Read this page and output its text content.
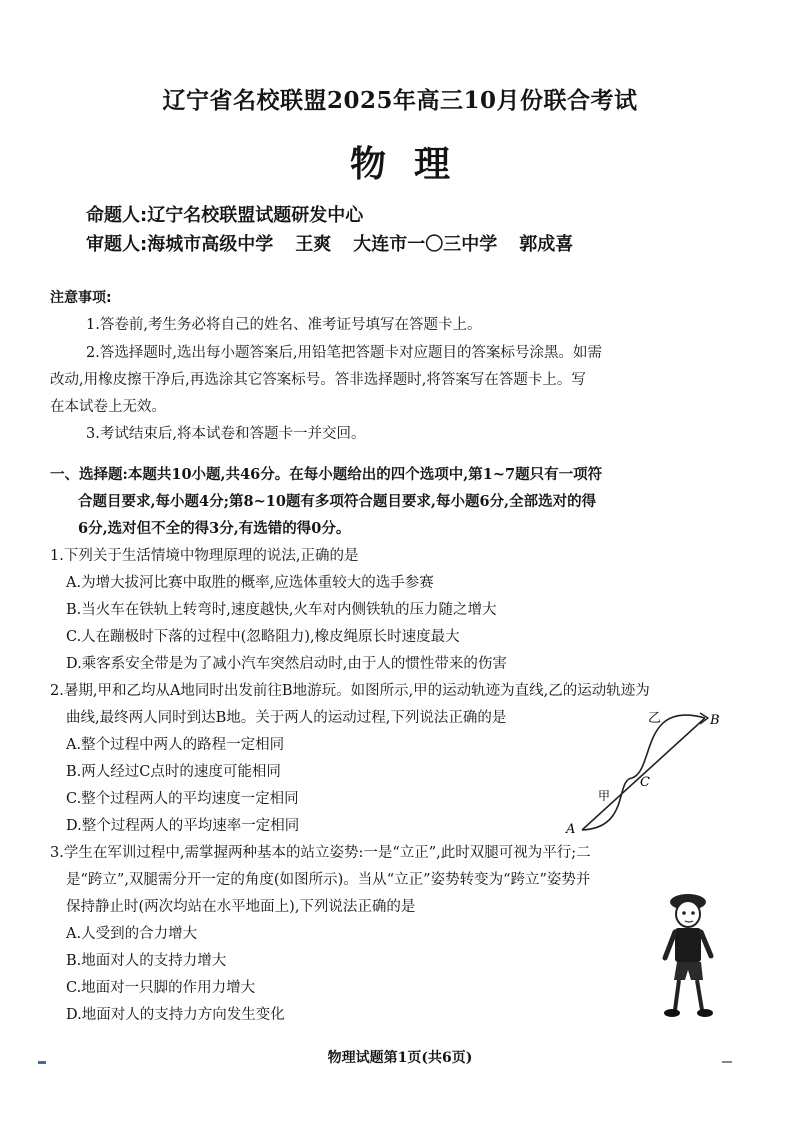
辽宁省名校联盟2025年高三10月份联合考试
物理
命题人:辽宁名校联盟试题研发中心
审题人:海城市高级中学 王爽 大连市一〇三中学 郭成喜
注意事项:
1.答卷前,考生务必将自己的姓名、准考证号填写在答题卡上。
2.答选择题时,选出每小题答案后,用铅笔把答题卡对应题目的答案标号涂黑。如需
改动,用橡皮擦干净后,再选涂其它答案标号。答非选择题时,将答案写在答题卡上。写
在本试卷上无效。
3.考试结束后,将本试卷和答题卡一并交回。
一、选择题:本题共10小题,共46分。在每小题给出的四个选项中,第1~7题只有一项符
合题目要求,每小题4分;第8~10题有多项符合题目要求,每小题6分,全部选对的得
6分,选对但不全的得3分,有选错的得0分。
1.下列关于生活情境中物理原理的说法,正确的是
A.为增大拔河比赛中取胜的概率,应选体重较大的选手参赛
B.当火车在铁轨上转弯时,速度越快,火车对内侧铁轨的压力随之增大
C.人在蹦极时下落的过程中(忽略阻力),橡皮绳原长时速度最大
D.乘客系安全带是为了减小汽车突然启动时,由于人的惯性带来的伤害
2.暑期,甲和乙均从A地同时出发前往B地游玩。如图所示,甲的运动轨迹为直线,乙的运动轨迹为
曲线,最终两人同时到达B地。关于两人的运动过程,下列说法正确的是
A.整个过程中两人的路程一定相同
B.两人经过C点时的速度可能相同
C.整个过程两人的平均速度一定相同
D.整个过程两人的平均速率一定相同
乙	B
C
甲
A
3.学生在军训过程中,需掌握两种基本的站立姿势:一是“立正”,此时双腿可视为平行;二
是“跨立”,双腿需分开一定的角度(如图所示)。当从“立正”姿势转变为“跨立”姿势并
保持静止时(两次均站在水平地面上),下列说法正确的是
A.人受到的合力增大
B.地面对人的支持力增大
C.地面对一只脚的作用力增大
D.地面对人的支持力方向发生变化
物理试题第1页(共6页)
